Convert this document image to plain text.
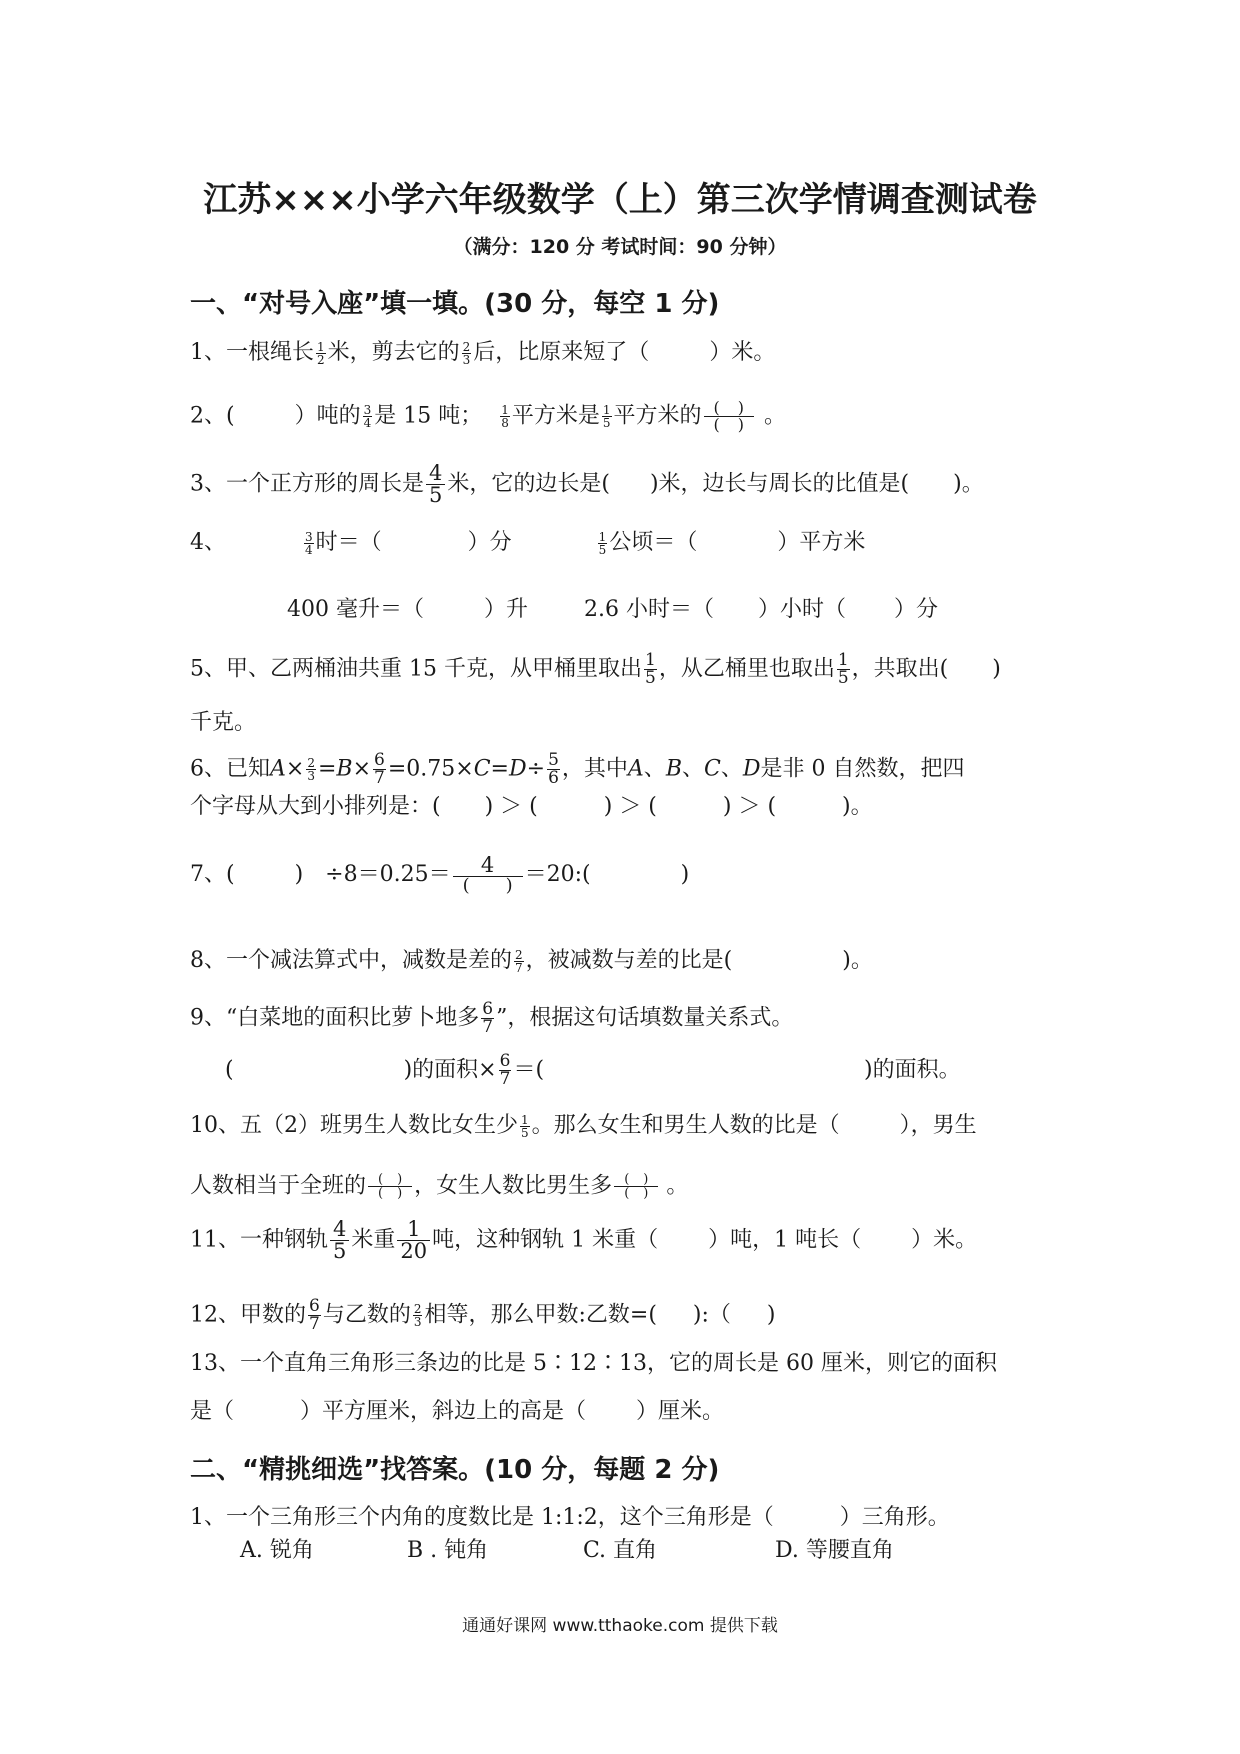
江苏×××小学六年级数学（上）第三次学情调查测试卷
（满分：120 分 考试时间：90 分钟）
一、“对号入座”填一填。(30 分，每空 1 分)
1、一根绳长 $\frac{1}{2}$ 米，剪去它的 $\frac{2}{3}$ 后，比原来短了（	）米。
2、(	）吨的 $\frac{3}{4}$ 是 15 吨； $\frac{1}{8}$ 平方米是 $\frac{1}{5}$ 平方米的 $\frac{( )}{( )}$ 。
3、一个正方形的周长是 $\frac{4}{5}$ 米，它的边长是( )米，边长与周长的比值是( )。
4、	$\frac{3}{4}$ 时＝（	）分	$\frac{1}{5}$ 公顷＝（	）平方米
400 毫升＝（	）升	2.6 小时＝（ ）小时（ ）分
5、甲、乙两桶油共重 15 千克，从甲桶里取出 $\frac{1}{5}$ ，从乙桶里也取出 $\frac{1}{5}$ ，共取出( )
千克。
6、已知$A\times \frac{2}{3} =B\times \frac{6}{7} =0.75\times C=D\div \frac{5}{6}$ ，其中A、B、C、D是非 0 自然数，把四
个字母从大到小排列是：(　　) ＞ (　　　) ＞ (　　　) ＞ (　　　)。
7、(	)　$\div 8=0.25= \frac{4}{( )}$ ＝20:(	)
8、一个减法算式中，减数是差的 $\frac{2}{7}$ ，被减数与差的比是(	)。
9、“白菜地的面积比萝卜地多 $\frac{6}{7}$ ”，根据这句话填数量关系式。
(	)的面积× $\frac{6}{7}$ ＝(	)的面积。
10、五（2）班男生人数比女生少 $\frac{1}{5}$ 。那么女生和男生人数的比是（	），男生
人数相当于全班的 $\frac{( )}{( )}$ ，女生人数比男生多 $\frac{( )}{( )}$ 。
11、一种钢轨 $\frac{4}{5}$ 米重 $\frac{1}{20}$ 吨，这种钢轨 1 米重（ ）吨，1 吨长（ ）米。
12、甲数的 $\frac{6}{7}$ 与乙数的 $\frac{2}{3}$ 相等，那么甲数:乙数=( ):（ )
13、一个直角三角形三条边的比是 5∶12∶13，它的周长是 60 厘米，则它的面积
是（	）平方厘米，斜边上的高是（ ）厘米。
二、“精挑细选”找答案。(10 分，每题 2 分)
1、一个三角形三个内角的度数比是 1:1:2，这个三角形是（　　　）三角形。
A. 锐角	B . 钝角	C. 直角	D. 等腰直角
通通好课网 www.tthaoke.com 提供下载
